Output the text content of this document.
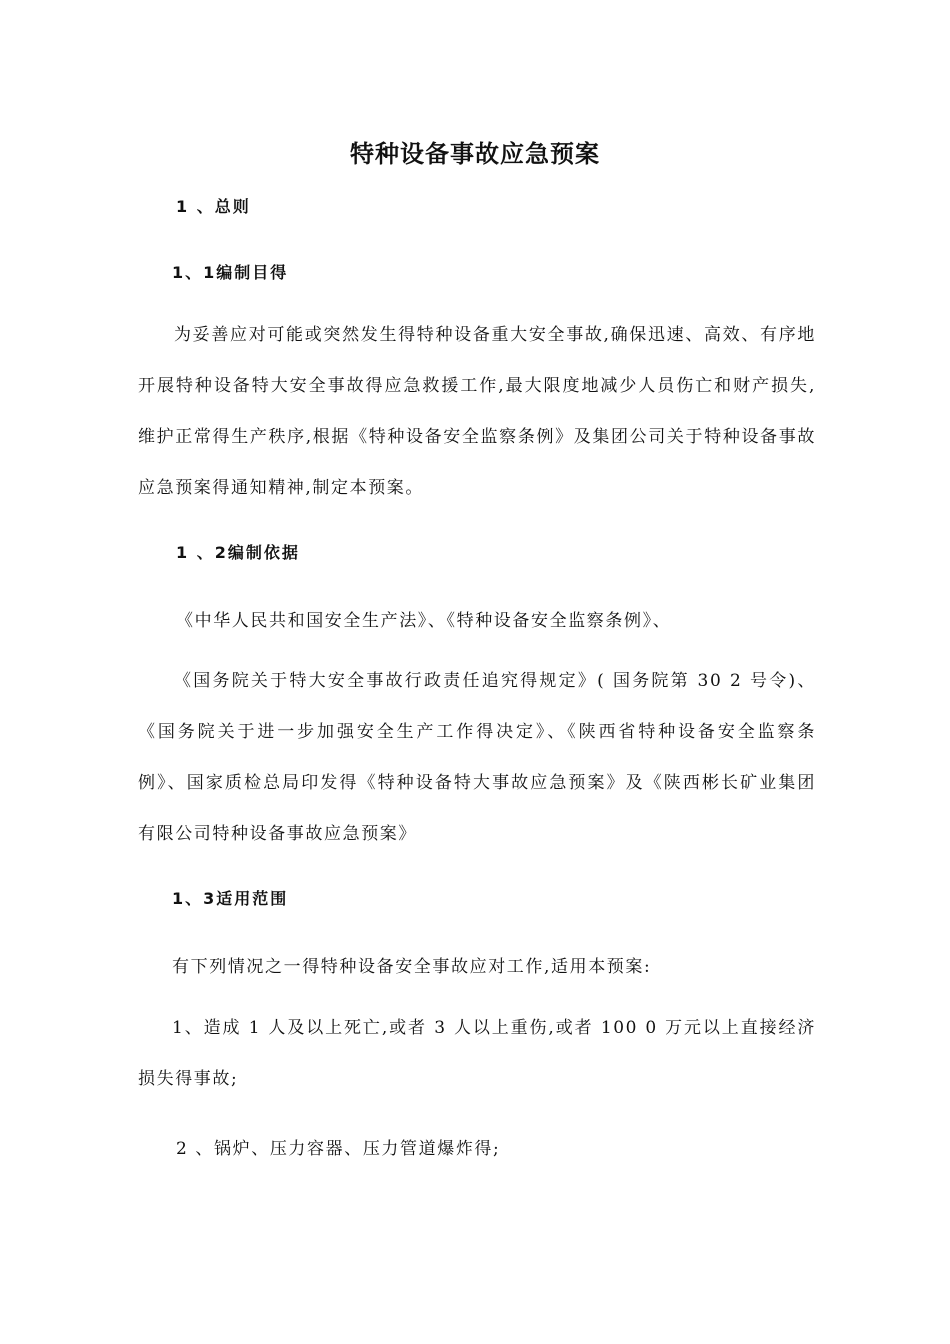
特种设备事故应急预案
1 、总则
1、1编制目得

为妥善应对可能或突然发生得特种设备重大安全事故,确保迅速、高效、有序地开展特种设备特大安全事故得应急救援工作,最大限度地减少人员伤亡和财产损失,维护正常得生产秩序,根据《特种设备安全监察条例》及集团公司关于特种设备事故应急预案得通知精神,制定本预案。

1 、2编制依据

《中华人民共和国安全生产法》、《特种设备安全监察条例》、

《国务院关于特大安全事故行政责任追究得规定》( 国务院第 30 2 号令)、《国务院关于进一步加强安全生产工作得决定》、《陕西省特种设备安全监察条例》、国家质检总局印发得《特种设备特大事故应急预案》及《陕西彬长矿业集团有限公司特种设备事故应急预案》

1、3适用范围

有下列情况之一得特种设备安全事故应对工作,适用本预案:

1、造成 1 人及以上死亡,或者 3 人以上重伤,或者 100 0 万元以上直接经济损失得事故;

2 、锅炉、压力容器、压力管道爆炸得;
